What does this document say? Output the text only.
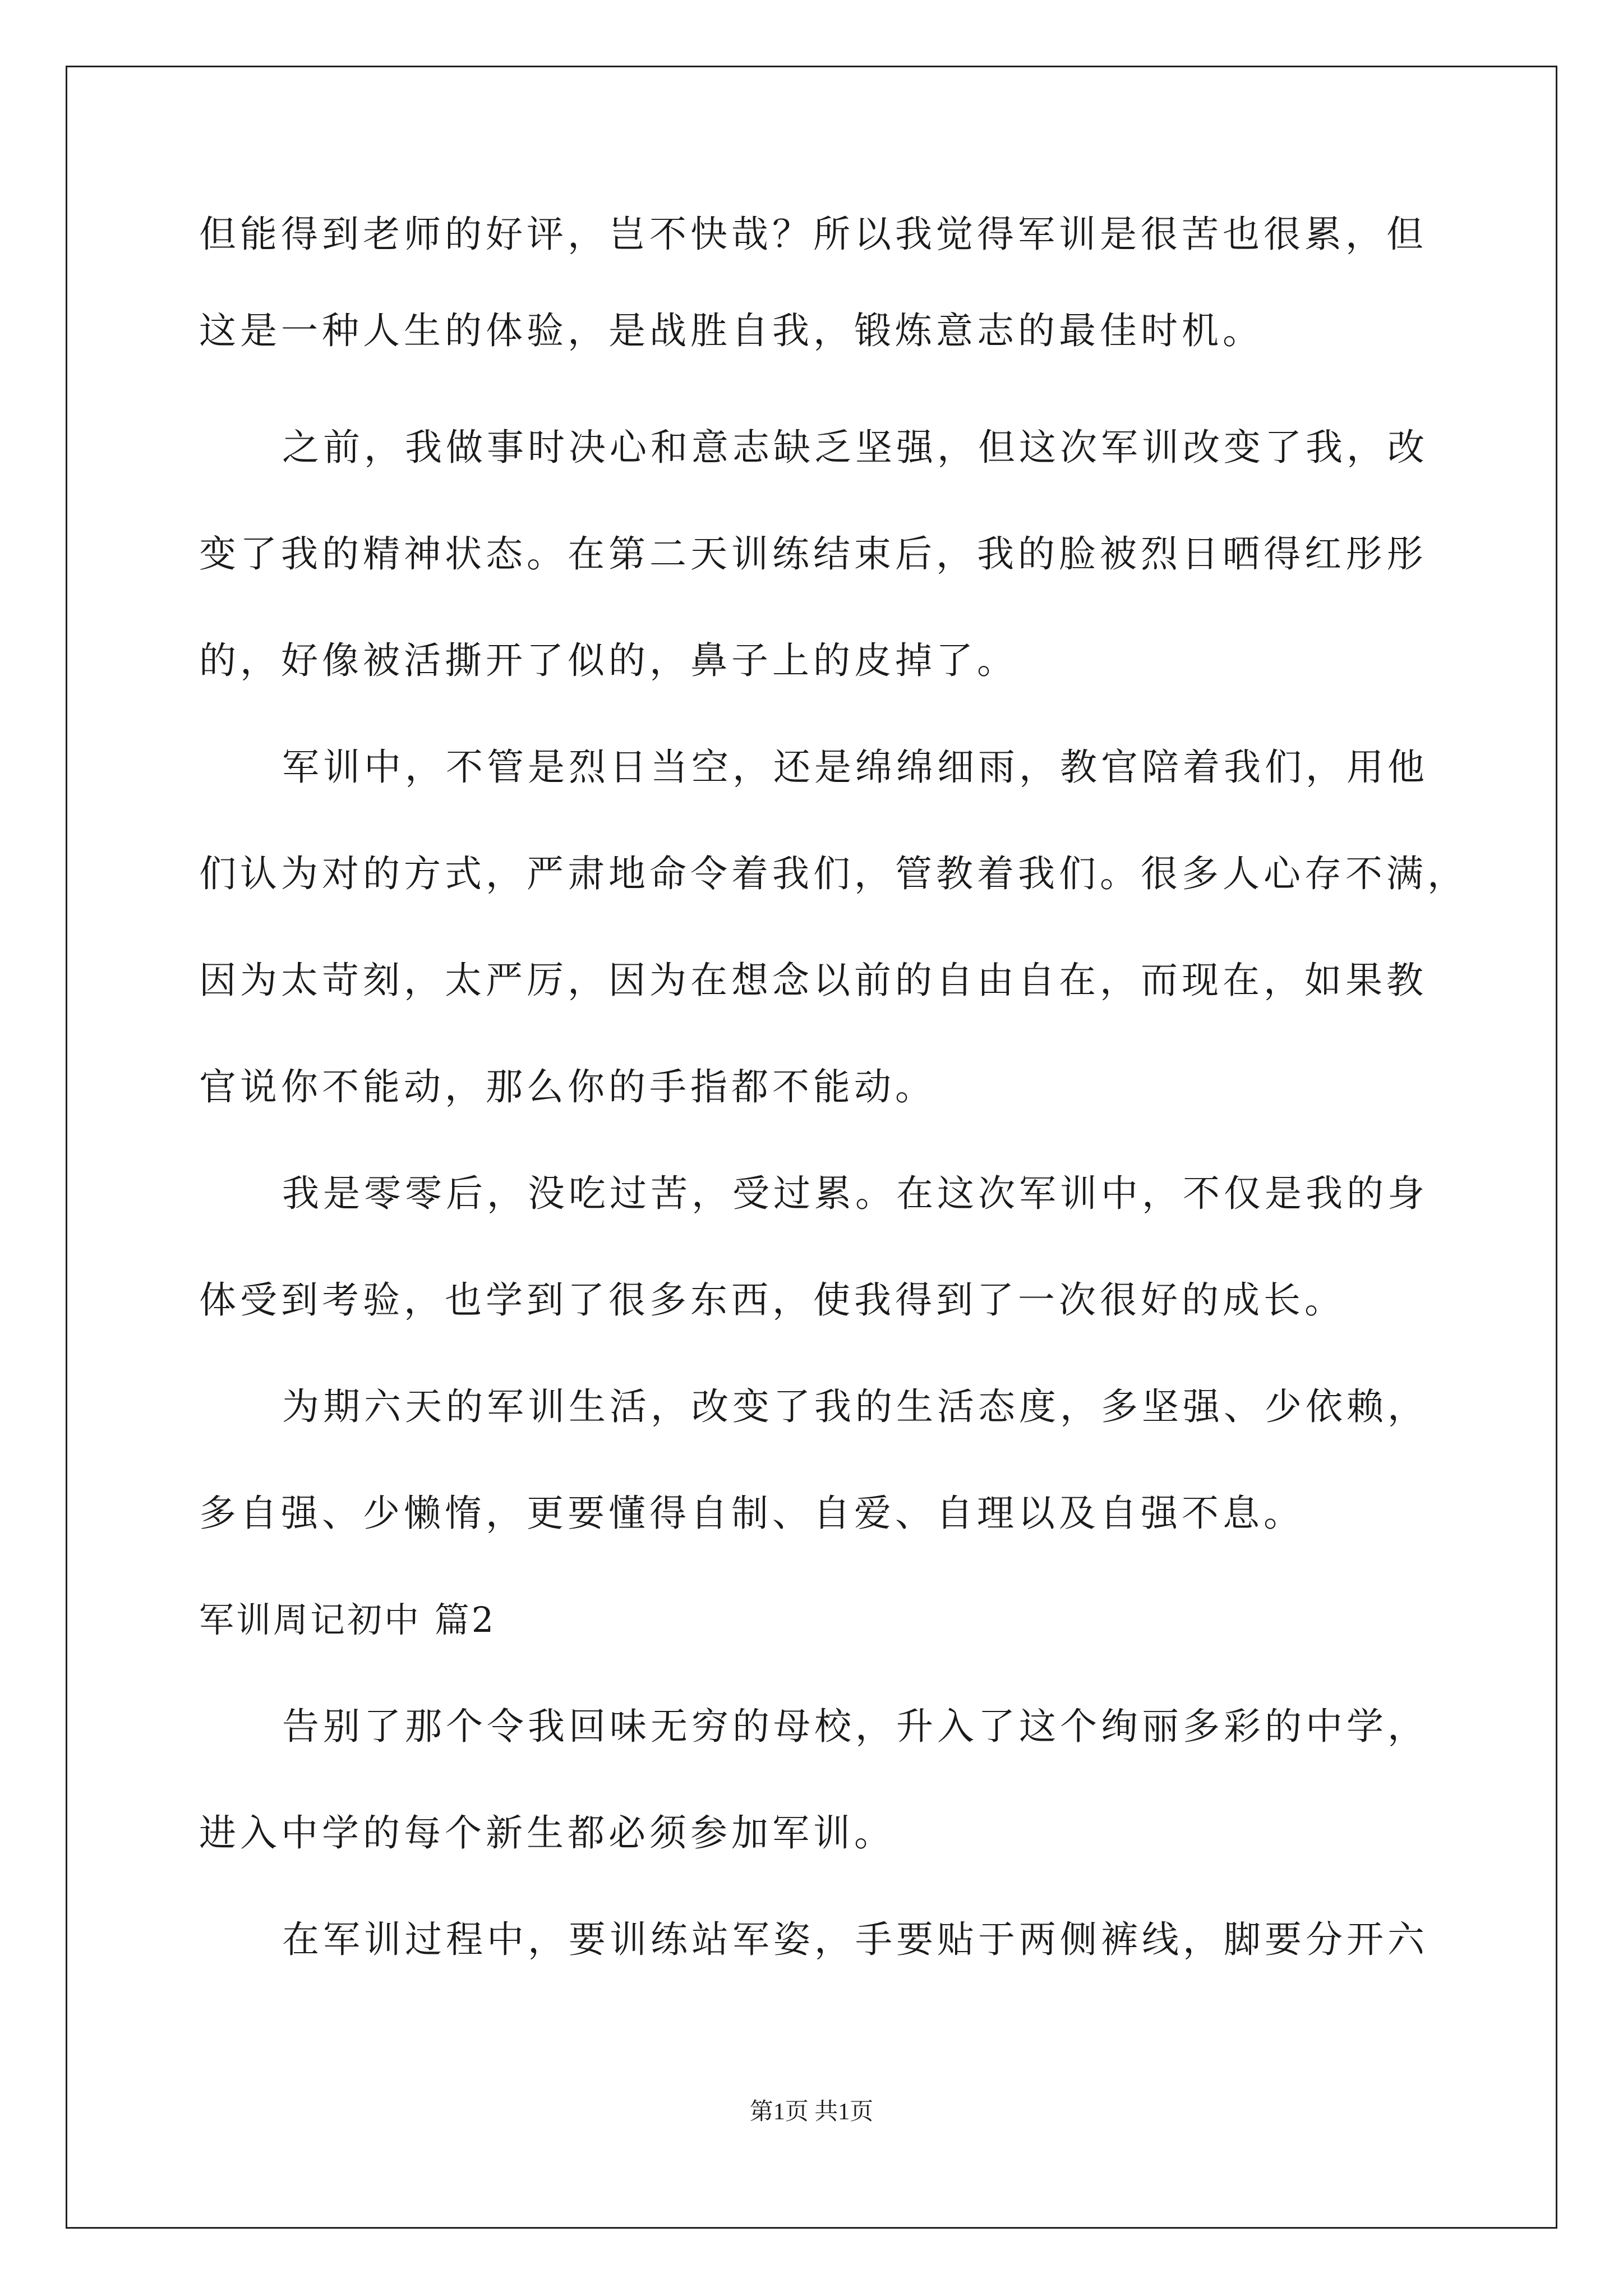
但能得到老师的好评，岂不快哉？所以我觉得军训是很苦也很累，但
这是一种人生的体验，是战胜自我，锻炼意志的最佳时机。
之前，我做事时决心和意志缺乏坚强，但这次军训改变了我，改
变了我的精神状态。在第二天训练结束后，我的脸被烈日晒得红彤彤
的，好像被活撕开了似的，鼻子上的皮掉了。
军训中，不管是烈日当空，还是绵绵细雨，教官陪着我们，用他
们认为对的方式，严肃地命令着我们，管教着我们。很多人心存不满，
因为太苛刻，太严厉，因为在想念以前的自由自在，而现在，如果教
官说你不能动，那么你的手指都不能动。
我是零零后，没吃过苦，受过累。在这次军训中，不仅是我的身
体受到考验，也学到了很多东西，使我得到了一次很好的成长。
为期六天的军训生活，改变了我的生活态度，多坚强、少依赖，
多自强、少懒惰，更要懂得自制、自爱、自理以及自强不息。
军训周记初中 篇2
告别了那个令我回味无穷的母校，升入了这个绚丽多彩的中学，
进入中学的每个新生都必须参加军训。
在军训过程中，要训练站军姿，手要贴于两侧裤线，脚要分开六
第1页 共1页
